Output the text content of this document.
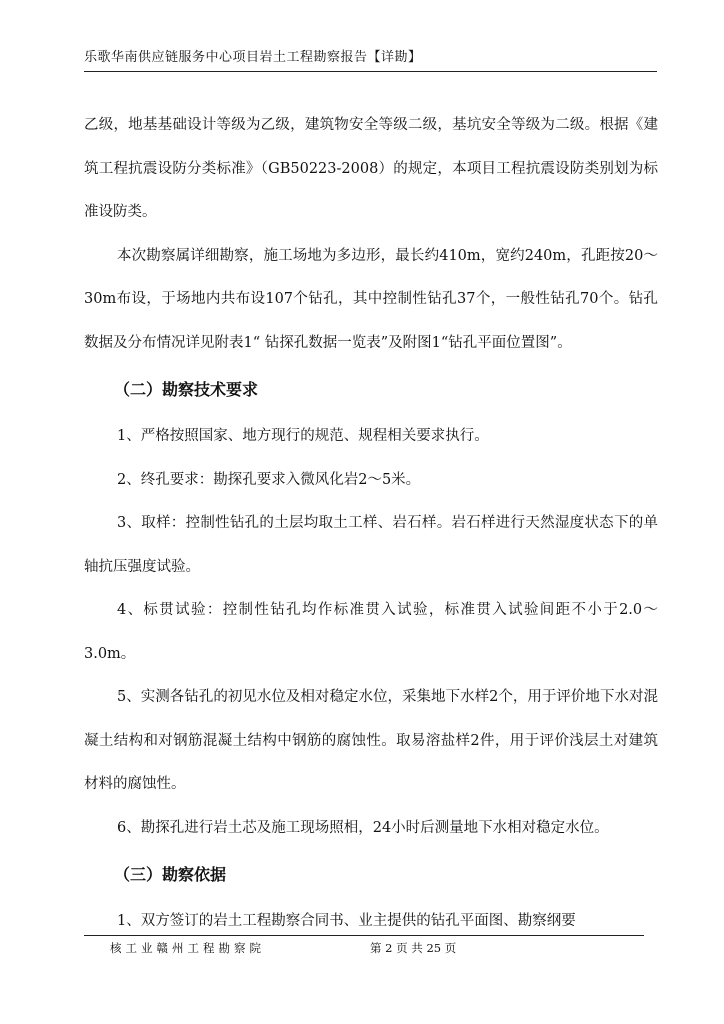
乐歌华南供应链服务中心项目岩土工程勘察报告【详勘】

乙级，地基基础设计等级为乙级，建筑物安全等级二级，基坑安全等级为二级。根据《建筑工程抗震设防分类标准》（GB50223-2008）的规定，本项目工程抗震设防类别划为标准设防类。

本次勘察属详细勘察，施工场地为多边形，最长约410m，宽约240m，孔距按20～30m布设，于场地内共布设107个钻孔，其中控制性钻孔37个，一般性钻孔70个。钻孔数据及分布情况详见附表1“ 钻探孔数据一览表”及附图1“钻孔平面位置图”。

（二）勘察技术要求

1、严格按照国家、地方现行的规范、规程相关要求执行。

2、终孔要求：勘探孔要求入微风化岩2～5米。

3、取样：控制性钻孔的土层均取土工样、岩石样。岩石样进行天然湿度状态下的单轴抗压强度试验。

4、标贯试验：控制性钻孔均作标准贯入试验，标准贯入试验间距不小于2.0～3.0m。

5、实测各钻孔的初见水位及相对稳定水位，采集地下水样2个，用于评价地下水对混凝土结构和对钢筋混凝土结构中钢筋的腐蚀性。取易溶盐样2件，用于评价浅层土对建筑材料的腐蚀性。

6、勘探孔进行岩土芯及施工现场照相，24小时后测量地下水相对稳定水位。

（三）勘察依据

1、双方签订的岩土工程勘察合同书、业主提供的钻孔平面图、勘察纲要

核工业赣州工程勘察院	第 2 页 共 25 页
